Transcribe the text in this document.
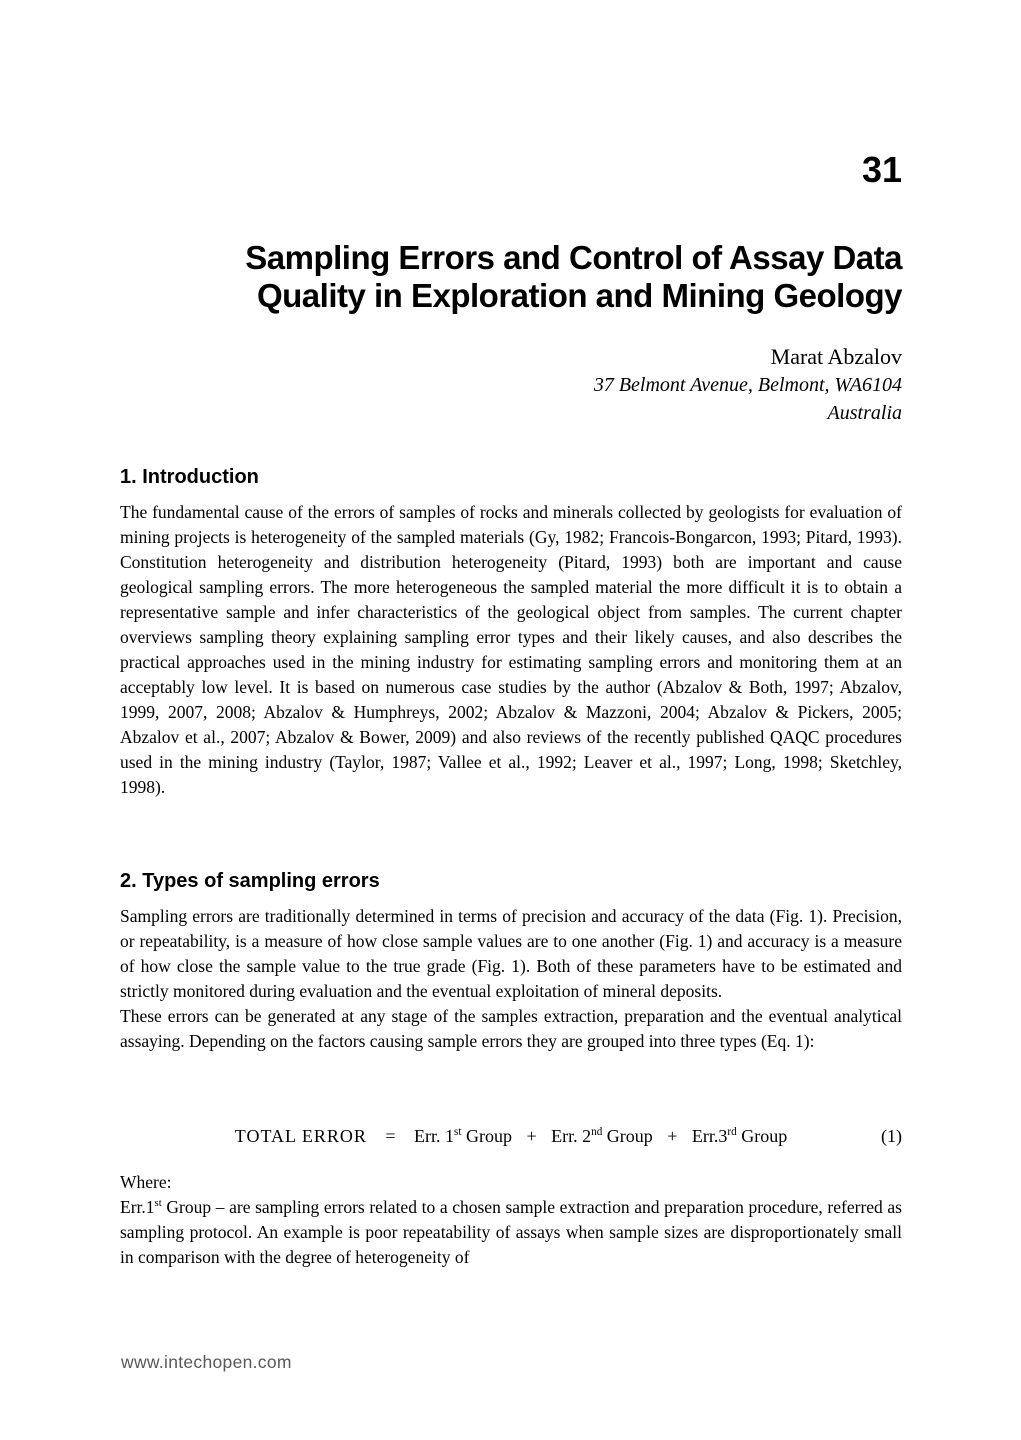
31
Sampling Errors and Control of Assay Data
Quality in Exploration and Mining Geology
Marat Abzalov
37 Belmont Avenue, Belmont, WA6104
Australia
1. Introduction
The fundamental cause of the errors of samples of rocks and minerals collected by geologists for evaluation of mining projects is heterogeneity of the sampled materials (Gy, 1982; Francois-Bongarcon, 1993; Pitard, 1993). Constitution heterogeneity and distribution heterogeneity (Pitard, 1993) both are important and cause geological sampling errors. The more heterogeneous the sampled material the more difficult it is to obtain a representative sample and infer characteristics of the geological object from samples. The current chapter overviews sampling theory explaining sampling error types and their likely causes, and also describes the practical approaches used in the mining industry for estimating sampling errors and monitoring them at an acceptably low level. It is based on numerous case studies by the author (Abzalov & Both, 1997; Abzalov, 1999, 2007, 2008; Abzalov & Humphreys, 2002; Abzalov & Mazzoni, 2004; Abzalov & Pickers, 2005; Abzalov et al., 2007; Abzalov & Bower, 2009) and also reviews of the recently published QAQC procedures used in the mining industry (Taylor, 1987; Vallee et al., 1992; Leaver et al., 1997; Long, 1998; Sketchley, 1998).
2. Types of sampling errors
Sampling errors are traditionally determined in terms of precision and accuracy of the data (Fig. 1). Precision, or repeatability, is a measure of how close sample values are to one another (Fig. 1) and accuracy is a measure of how close the sample value to the true grade (Fig. 1). Both of these parameters have to be estimated and strictly monitored during evaluation and the eventual exploitation of mineral deposits.
These errors can be generated at any stage of the samples extraction, preparation and the eventual analytical assaying. Depending on the factors causing sample errors they are grouped into three types (Eq. 1):
TOTAL ERROR = Err. 1st Group + Err. 2nd Group + Err.3rd Group	(1)
Where:
Err.1st Group – are sampling errors related to a chosen sample extraction and preparation procedure, referred as sampling protocol. An example is poor repeatability of assays when sample sizes are disproportionately small in comparison with the degree of heterogeneity of
www.intechopen.com
